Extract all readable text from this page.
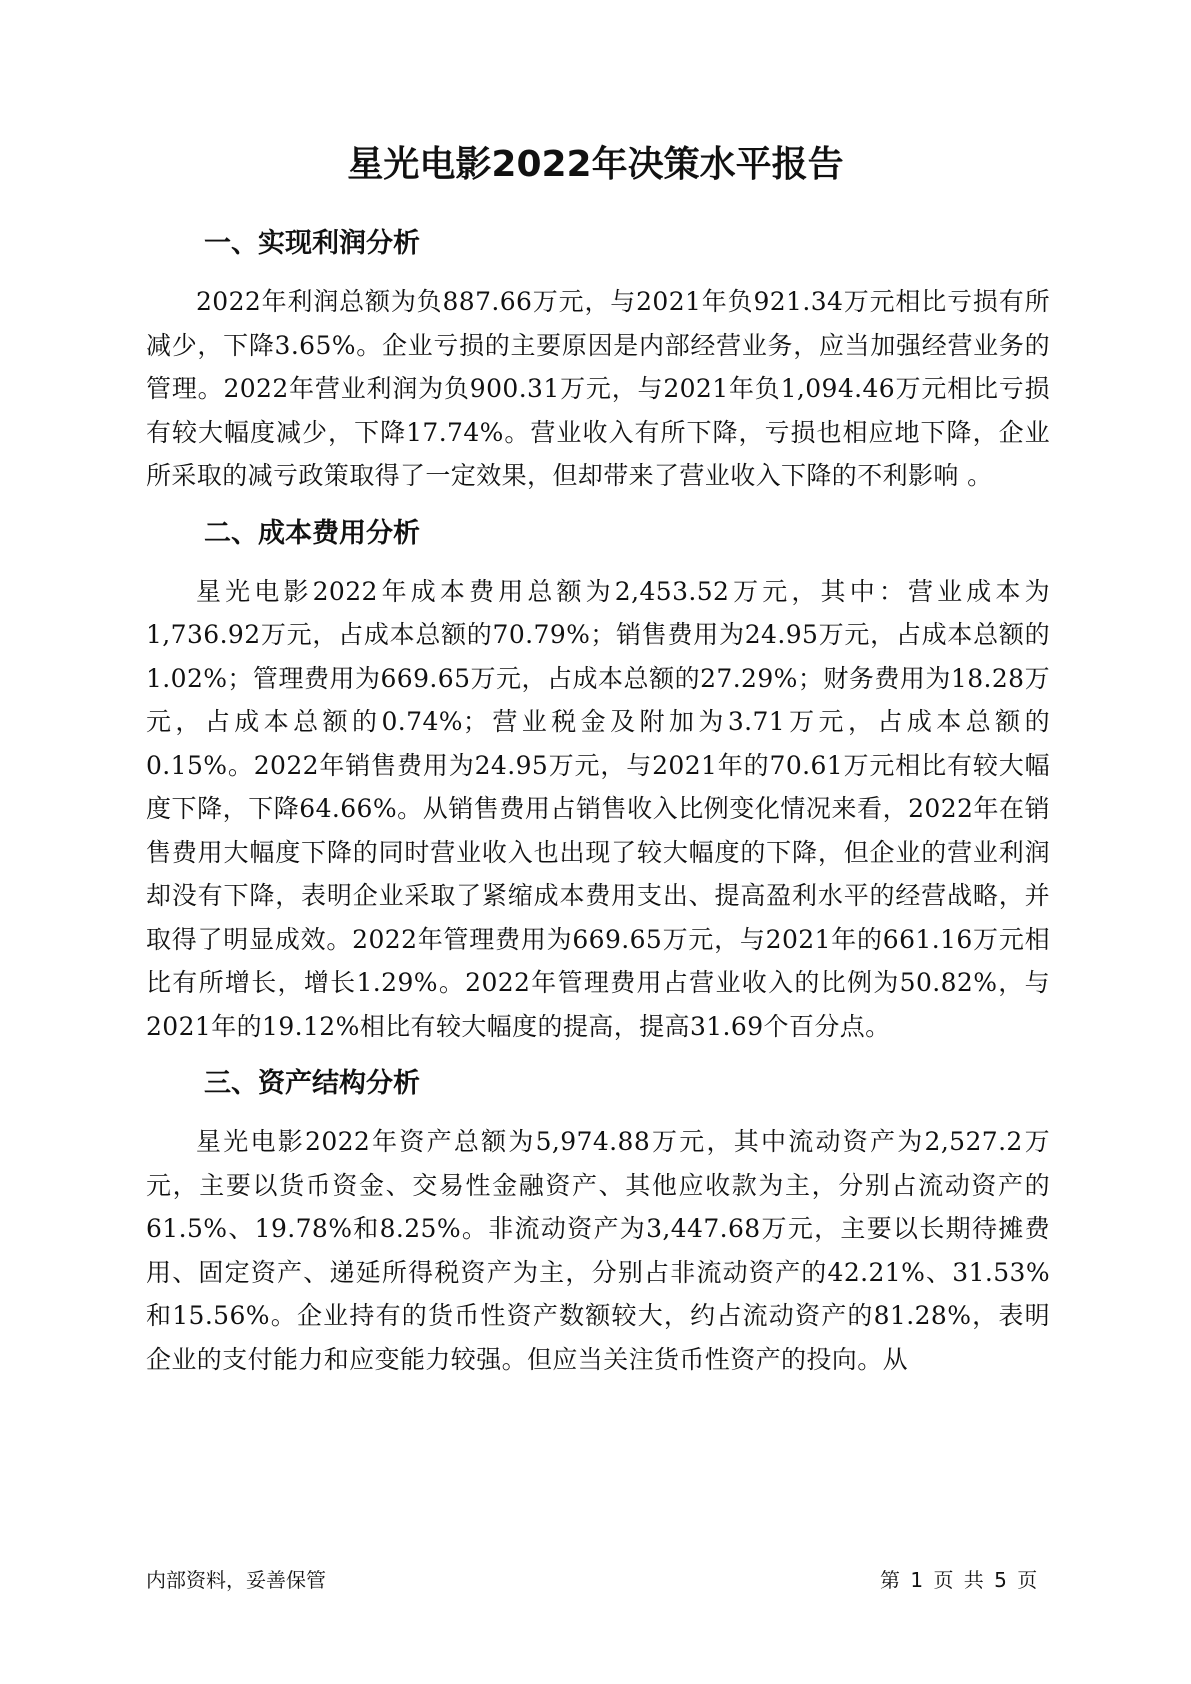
星光电影2022年决策水平报告
一、实现利润分析

2022年利润总额为负887.66万元，与2021年负921.34万元相比亏损有所减少，下降3.65%。企业亏损的主要原因是内部经营业务，应当加强经营业务的管理。2022年营业利润为负900.31万元，与2021年负1,094.46万元相比亏损有较大幅度减少，下降17.74%。营业收入有所下降，亏损也相应地下降，企业所采取的减亏政策取得了一定效果，但却带来了营业收入下降的不利影响 。

二、成本费用分析

星光电影2022年成本费用总额为2,453.52万元，其中：营业成本为1,736.92万元，占成本总额的70.79%；销售费用为24.95万元，占成本总额的1.02%；管理费用为669.65万元，占成本总额的27.29%；财务费用为18.28万元，占成本总额的0.74%；营业税金及附加为3.71万元，占成本总额的0.15%。2022年销售费用为24.95万元，与2021年的70.61万元相比有较大幅度下降，下降64.66%。从销售费用占销售收入比例变化情况来看，2022年在销售费用大幅度下降的同时营业收入也出现了较大幅度的下降，但企业的营业利润却没有下降，表明企业采取了紧缩成本费用支出、提高盈利水平的经营战略，并取得了明显成效。2022年管理费用为669.65万元，与2021年的661.16万元相比有所增长，增长1.29%。2022年管理费用占营业收入的比例为50.82%，与2021年的19.12%相比有较大幅度的提高，提高31.69个百分点。

三、资产结构分析

星光电影2022年资产总额为5,974.88万元，其中流动资产为2,527.2万元，主要以货币资金、交易性金融资产、其他应收款为主，分别占流动资产的61.5%、19.78%和8.25%。非流动资产为3,447.68万元，主要以长期待摊费用、固定资产、递延所得税资产为主，分别占非流动资产的42.21%、31.53%和15.56%。企业持有的货币性资产数额较大，约占流动资产的81.28%，表明企业的支付能力和应变能力较强。但应当关注货币性资产的投向。从

内部资料，妥善保管	第 1 页 共 5 页
